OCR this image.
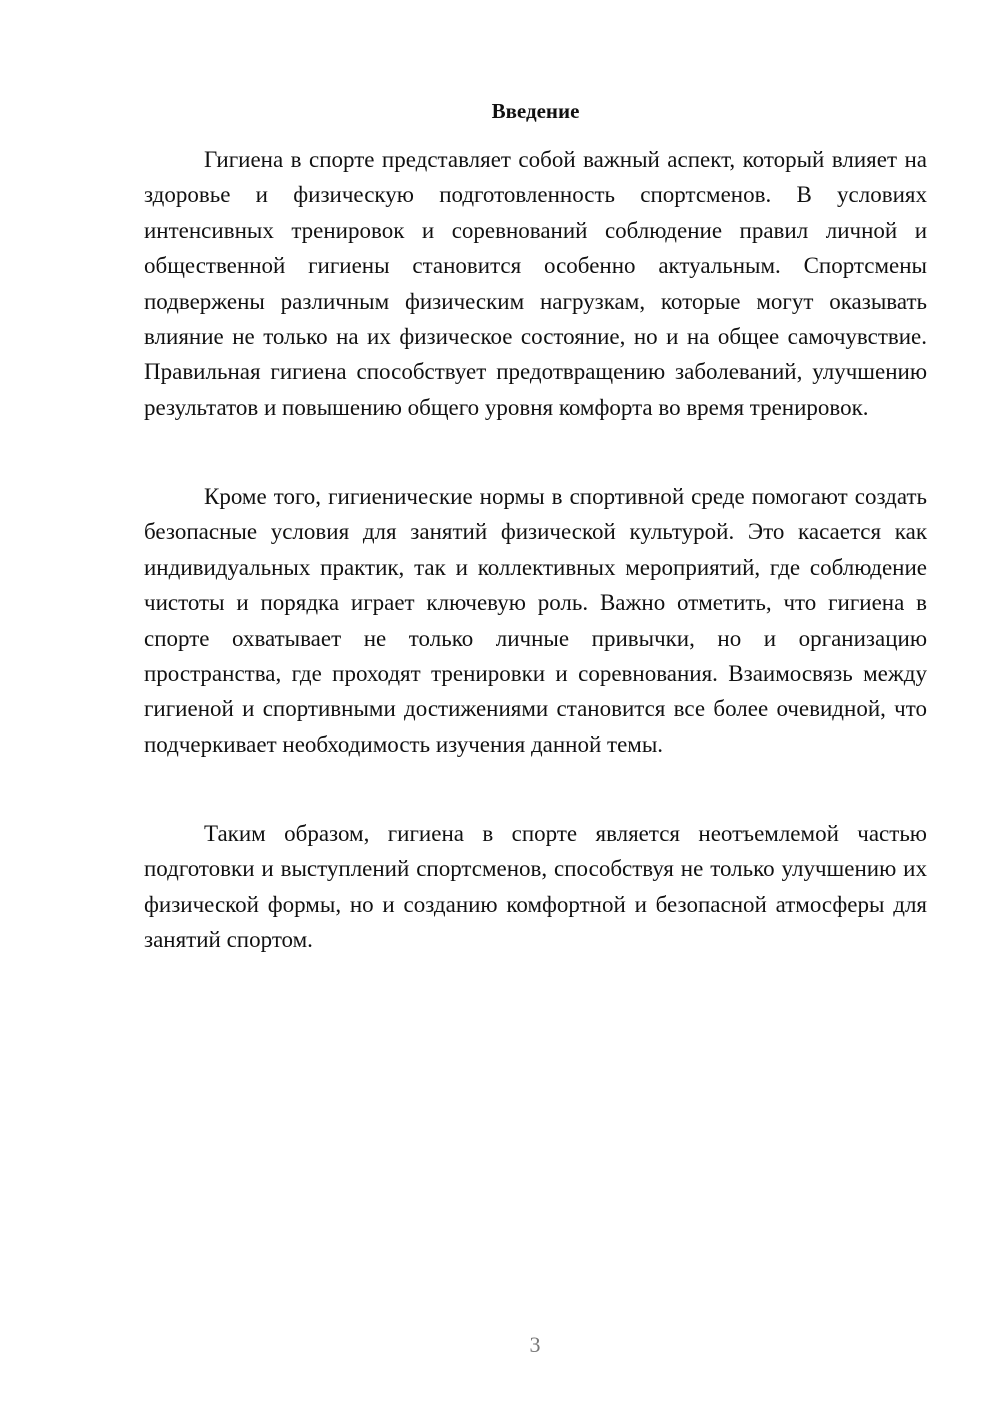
Введение

Гигиена в спорте представляет собой важный аспект, который влияет на здоровье и физическую подготовленность спортсменов. В условиях интенсивных тренировок и соревнований соблюдение правил личной и общественной гигиены становится особенно актуальным. Спортсмены подвержены различным физическим нагрузкам, которые могут оказывать влияние не только на их физическое состояние, но и на общее самочувствие. Правильная гигиена способствует предотвращению заболеваний, улучшению результатов и повышению общего уровня комфорта во время тренировок.

Кроме того, гигиенические нормы в спортивной среде помогают создать безопасные условия для занятий физической культурой. Это касается как индивидуальных практик, так и коллективных мероприятий, где соблюдение чистоты и порядка играет ключевую роль. Важно отметить, что гигиена в спорте охватывает не только личные привычки, но и организацию пространства, где проходят тренировки и соревнования. Взаимосвязь между гигиеной и спортивными достижениями становится все более очевидной, что подчеркивает необходимость изучения данной темы.

Таким образом, гигиена в спорте является неотъемлемой частью подготовки и выступлений спортсменов, способствуя не только улучшению их физической формы, но и созданию комфортной и безопасной атмосферы для занятий спортом.

3
